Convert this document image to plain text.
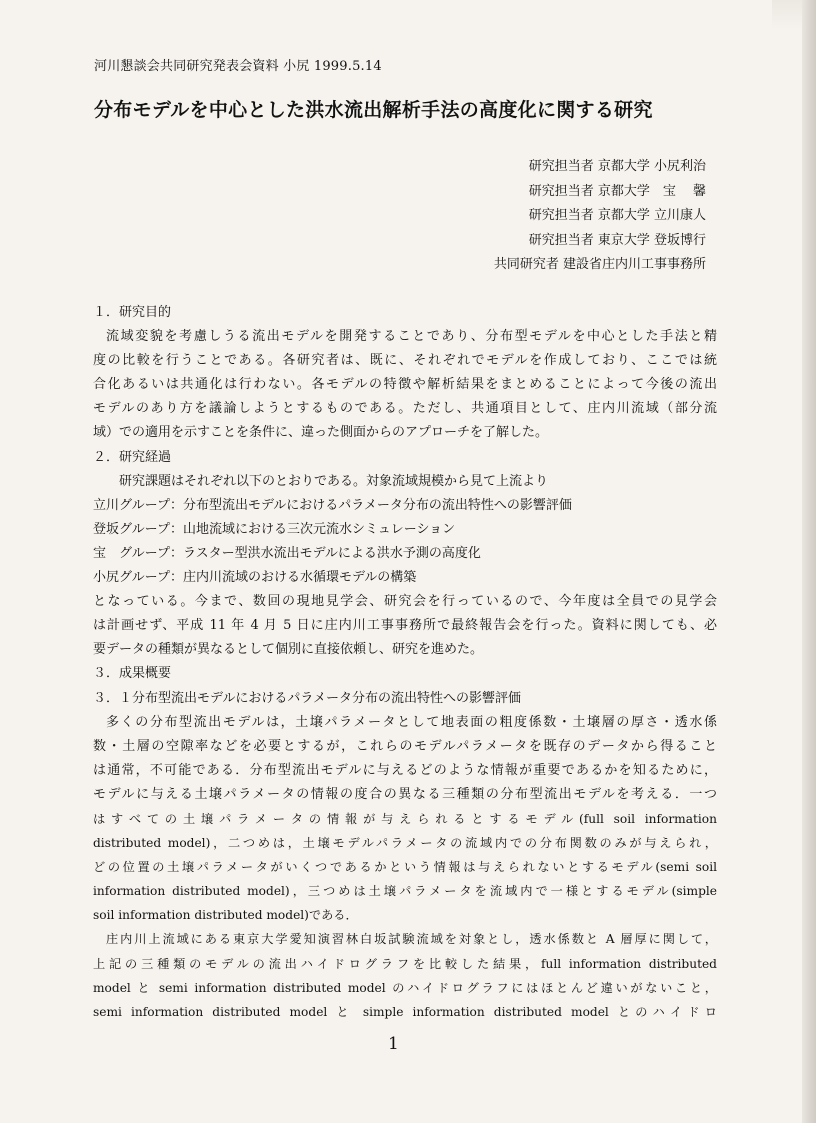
河川懇談会共同研究発表会資料 小尻 1999.5.14
分布モデルを中心とした洪水流出解析手法の高度化に関する研究
研究担当者 京都大学 小尻利治
研究担当者 京都大学　宝　 馨
研究担当者 京都大学 立川康人
研究担当者 東京大学 登坂博行
共同研究者 建設省庄内川工事事務所
１．研究目的
流域変貌を考慮しうる流出モデルを開発することであり、分布型モデルを中心とした手法と精
度の比較を行うことである。各研究者は、既に、それぞれでモデルを作成しており、ここでは統
合化あるいは共通化は行わない。各モデルの特徴や解析結果をまとめることによって今後の流出
モデルのあり方を議論しようとするものである。ただし、共通項目として、庄内川流域（部分流
域）での適用を示すことを条件に、違った側面からのアプローチを了解した。
２．研究経過
研究課題はそれぞれ以下のとおりである。対象流域規模から見て上流より
立川グループ：分布型流出モデルにおけるパラメータ分布の流出特性への影響評価
登坂グループ：山地流域における三次元流水シミュレーション
宝　グループ：ラスター型洪水流出モデルによる洪水予測の高度化
小尻グループ：庄内川流域のおける水循環モデルの構築
となっている。今まで、数回の現地見学会、研究会を行っているので、今年度は全員での見学会
は計画せず、平成 11 年 4 月 5 日に庄内川工事事務所で最終報告会を行った。資料に関しても、必
要データの種類が異なるとして個別に直接依頼し、研究を進めた。
３．成果概要
３．１分布型流出モデルにおけるパラメータ分布の流出特性への影響評価
多くの分布型流出モデルは，土壌パラメータとして地表面の粗度係数・土壌層の厚さ・透水係
数・土層の空隙率などを必要とするが，これらのモデルパラメータを既存のデータから得ること
は通常，不可能である．分布型流出モデルに与えるどのような情報が重要であるかを知るために，
モデルに与える土壌パラメータの情報の度合の異なる三種類の分布型流出モデルを考える．一つ
はすべての土壌パラメータの情報が与えられるとするモデル(full soil information
distributed model)，二つめは，土壌モデルパラメータの流域内での分布関数のみが与えられ，
どの位置の土壌パラメータがいくつであるかという情報は与えられないとするモデル(semi soil
information distributed model)，三つめは土壌パラメータを流域内で一様とするモデル(simple
soil information distributed model)である．
庄内川上流域にある東京大学愛知演習林白坂試験流域を対象とし，透水係数と A 層厚に関して，
上記の三種類のモデルの流出ハイドログラフを比較した結果，full information distributed
model と semi information distributed model のハイドログラフにはほとんど違いがないこと，
semi information distributed model と simple information distributed model とのハイドロ
1
